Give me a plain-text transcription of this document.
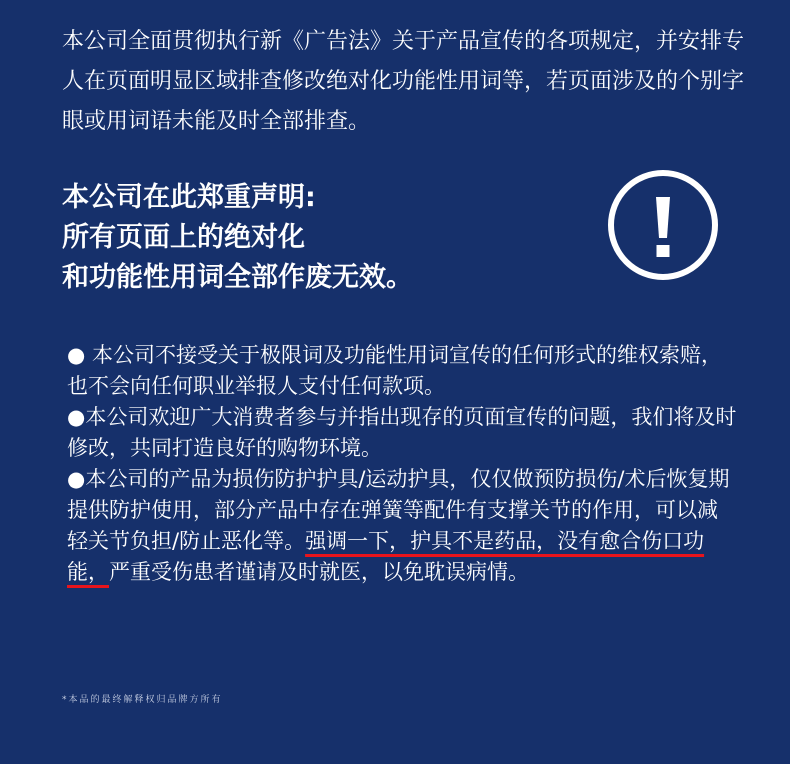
本公司全面贯彻执行新《广告法》关于产品宣传的各项规定，并安排专人在页面明显区域排查修改绝对化功能性用词等，若页面涉及的个别字眼或用词语未能及时全部排查。

本公司在此郑重声明:
所有页面上的绝对化
和功能性用词全部作废无效。

● 本公司不接受关于极限词及功能性用词宣传的任何形式的维权索赔，也不会向任何职业举报人支付任何款项。

●本公司欢迎广大消费者参与并指出现存的页面宣传的问题，我们将及时修改，共同打造良好的购物环境。

●本公司的产品为损伤防护护具/运动护具，仅仅做预防损伤/术后恢复期提供防护使用，部分产品中存在弹簧等配件有支撑关节的作用，可以减轻关节负担/防止恶化等。强调一下，护具不是药品，没有愈合伤口功能，严重受伤患者谨请及时就医，以免耽误病情。

*本品的最终解释权归品牌方所有
